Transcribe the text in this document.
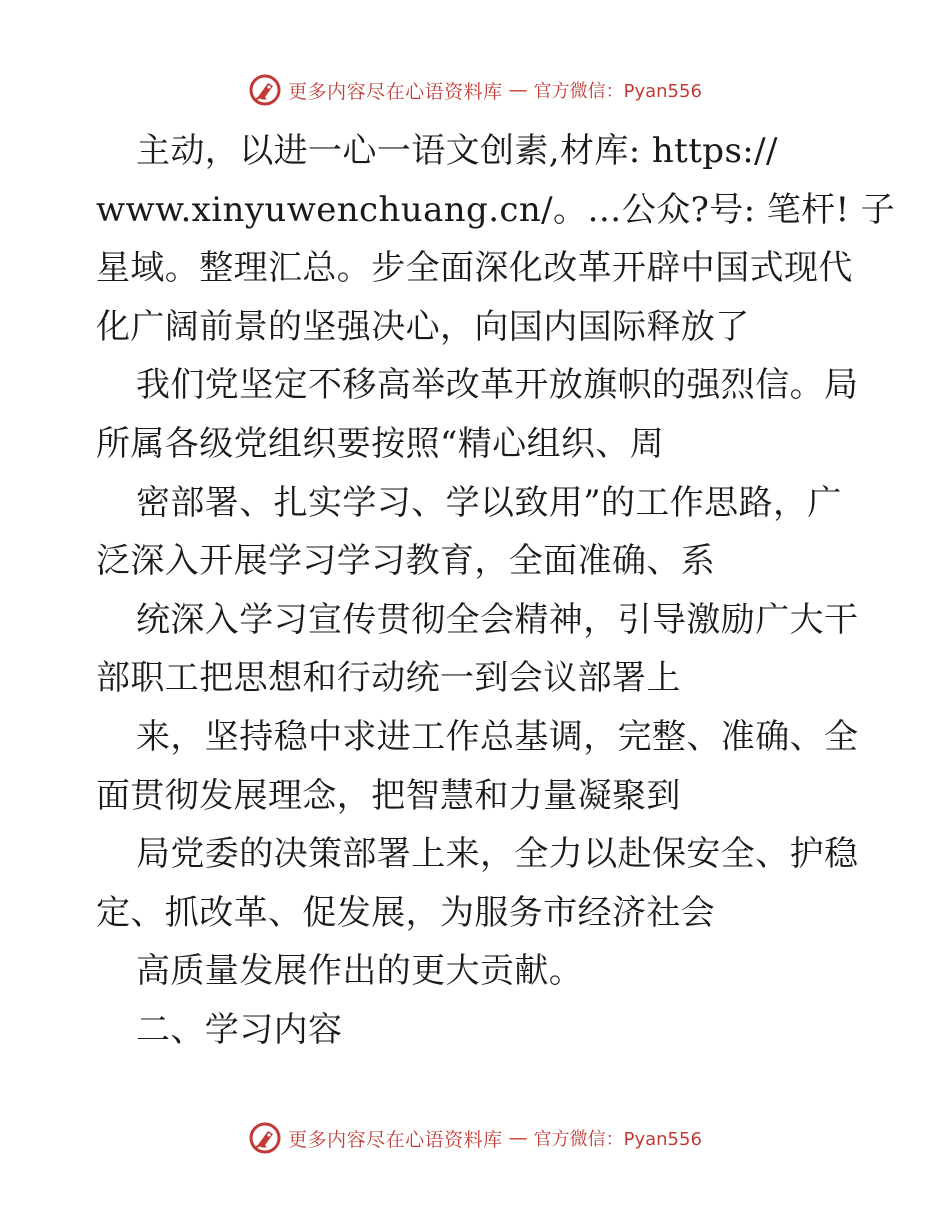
更多内容尽在心语资料库 — 官方微信：Pyan556
主动，以进一心一语文创素,材库: https://
www.xinyuwenchuang.cn/。…公众?号: 笔杆! 子
星域。整理汇总。步全面深化改革开辟中国式现代
化广阔前景的坚强决心，向国内国际释放了
我们党坚定不移高举改革开放旗帜的强烈信。局
所属各级党组织要按照“精心组织、周
密部署、扎实学习、学以致用”的工作思路，广
泛深入开展学习学习教育，全面准确、系
统深入学习宣传贯彻全会精神，引导激励广大干
部职工把思想和行动统一到会议部署上
来，坚持稳中求进工作总基调，完整、准确、全
面贯彻发展理念，把智慧和力量凝聚到
局党委的决策部署上来，全力以赴保安全、护稳
定、抓改革、促发展，为服务市经济社会
高质量发展作出的更大贡献。
二、学习内容
更多内容尽在心语资料库 — 官方微信：Pyan556
